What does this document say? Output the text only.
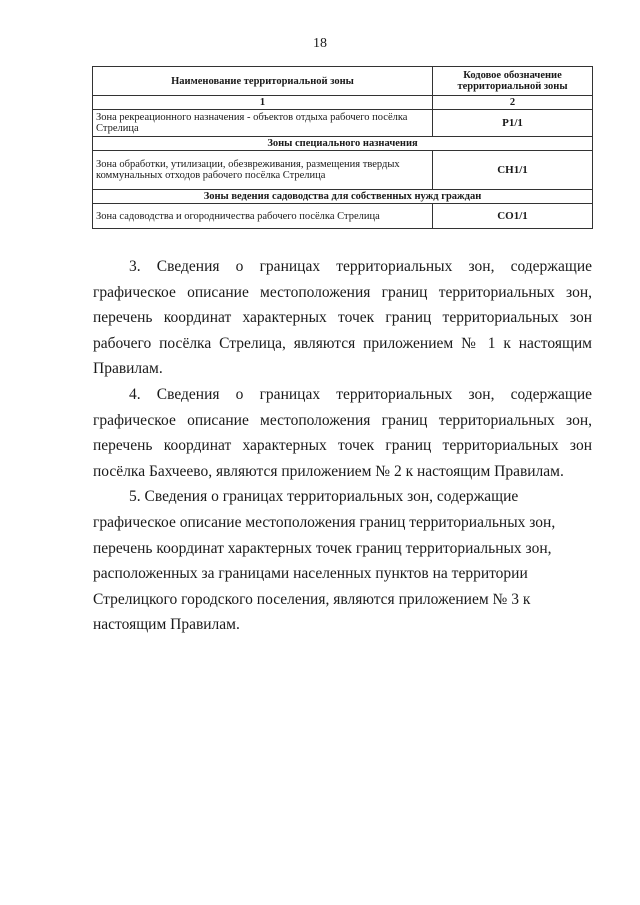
18
Наименование территориальной зоны	Кодовое обозначение территориальной зоны
1	2
Зона рекреационного назначения - объектов отдыха рабочего посёлка Стрелица	Р1/1
Зоны специального назначения	
Зона обработки, утилизации, обезвреживания, размещения твердых коммунальных отходов рабочего посёлка Стрелица	СН1/1
Зоны ведения садоводства для собственных нужд граждан	
Зона садоводства и огородничества рабочего посёлка Стрелица	СО1/1

3. Сведения о границах территориальных зон, содержащие графическое описание местоположения границ территориальных зон, перечень координат характерных точек границ территориальных зон рабочего посёлка Стрелица, являются приложением № 1 к настоящим Правилам.

4. Сведения о границах территориальных зон, содержащие графическое описание местоположения границ территориальных зон, перечень координат характерных точек границ территориальных зон посёлка Бахчеево, являются приложением № 2 к настоящим Правилам.

5. Сведения о границах территориальных зон, содержащие графическое описание местоположения границ территориальных зон, перечень координат характерных точек границ территориальных зон, расположенных за границами населенных пунктов на территории Стрелицкого городского поселения, являются приложением № 3 к настоящим Правилам.
